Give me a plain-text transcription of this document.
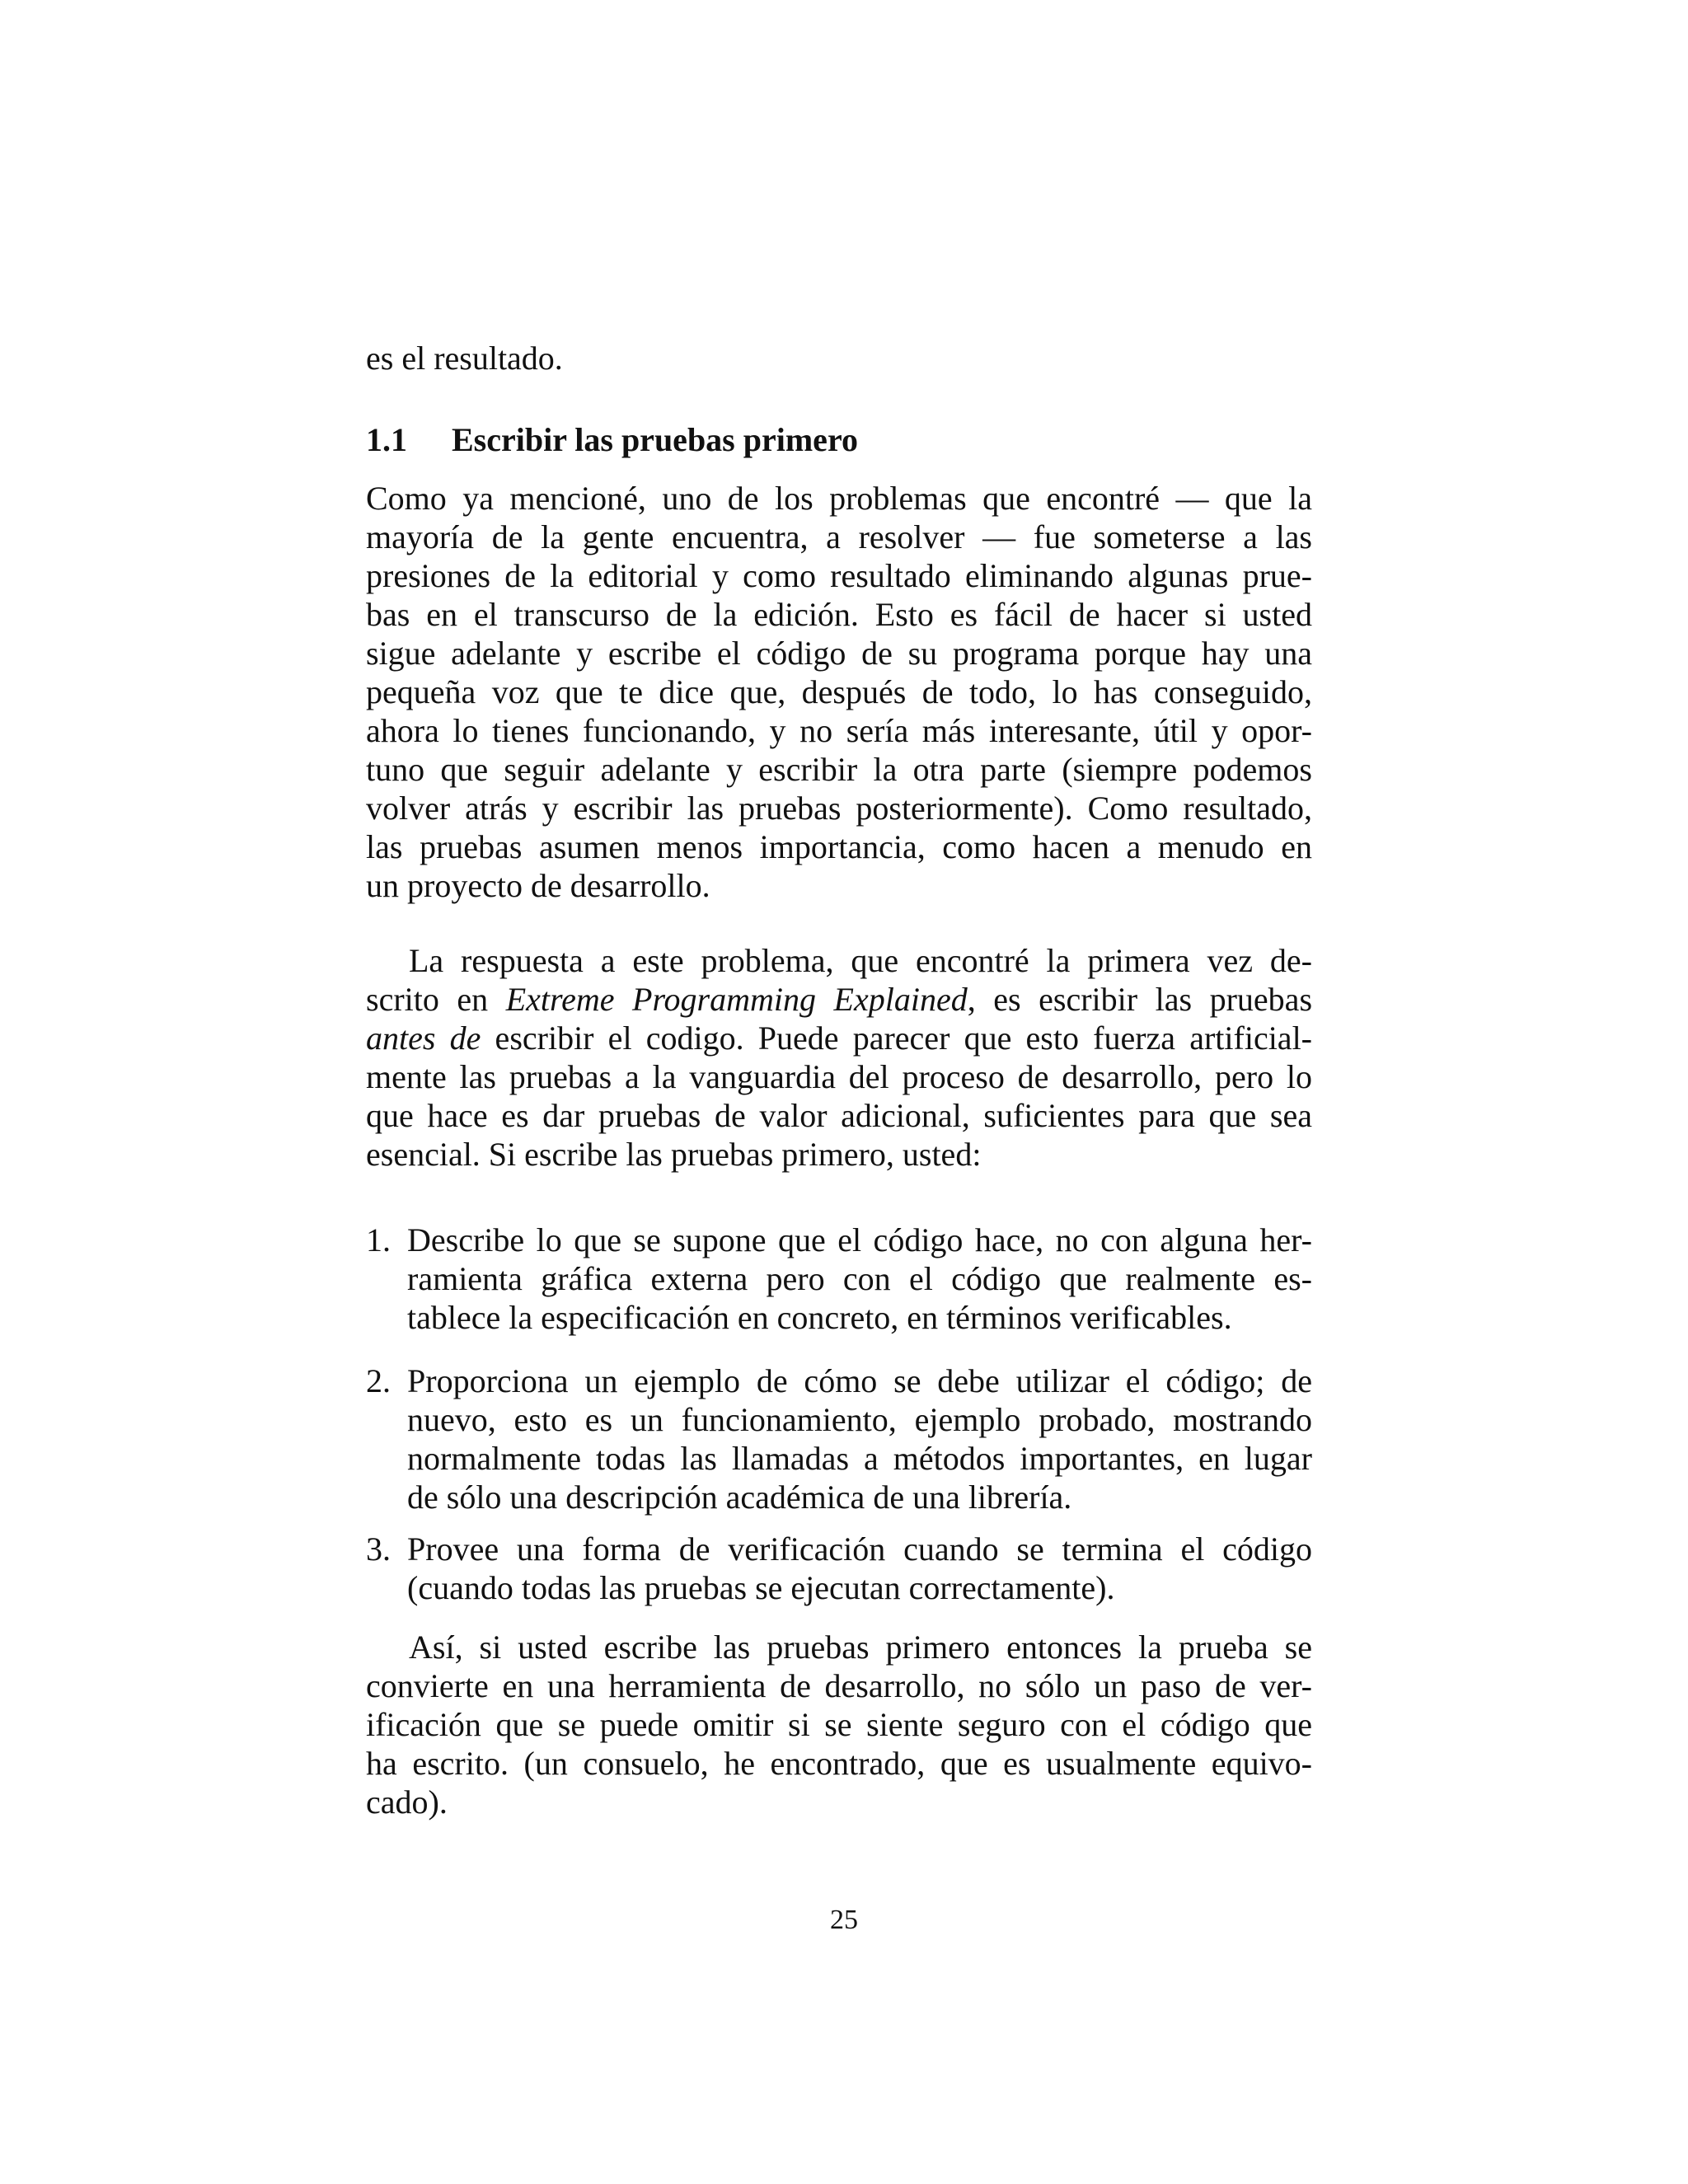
es el resultado.
1.1 Escribir las pruebas primero
Como ya mencioné, uno de los problemas que encontré — que la
mayoría de la gente encuentra, a resolver — fue someterse a las
presiones de la editorial y como resultado eliminando algunas prue-
bas en el transcurso de la edición. Esto es fácil de hacer si usted
sigue adelante y escribe el código de su programa porque hay una
pequeña voz que te dice que, después de todo, lo has conseguido,
ahora lo tienes funcionando, y no sería más interesante, útil y opor-
tuno que seguir adelante y escribir la otra parte (siempre podemos
volver atrás y escribir las pruebas posteriormente). Como resultado,
las pruebas asumen menos importancia, como hacen a menudo en
un proyecto de desarrollo.
La respuesta a este problema, que encontré la primera vez de-
scrito en Extreme Programming Explained, es escribir las pruebas
antes de escribir el codigo. Puede parecer que esto fuerza artificial-
mente las pruebas a la vanguardia del proceso de desarrollo, pero lo
que hace es dar pruebas de valor adicional, suficientes para que sea
esencial. Si escribe las pruebas primero, usted:
1. Describe lo que se supone que el código hace, no con alguna her-
ramienta gráfica externa pero con el código que realmente es-
tablece la especificación en concreto, en términos verificables.
2. Proporciona un ejemplo de cómo se debe utilizar el código; de
nuevo, esto es un funcionamiento, ejemplo probado, mostrando
normalmente todas las llamadas a métodos importantes, en lugar
de sólo una descripción académica de una librería.
3. Provee una forma de verificación cuando se termina el código
(cuando todas las pruebas se ejecutan correctamente).
Así, si usted escribe las pruebas primero entonces la prueba se
convierte en una herramienta de desarrollo, no sólo un paso de ver-
ificación que se puede omitir si se siente seguro con el código que
ha escrito. (un consuelo, he encontrado, que es usualmente equivo-
cado).
25
